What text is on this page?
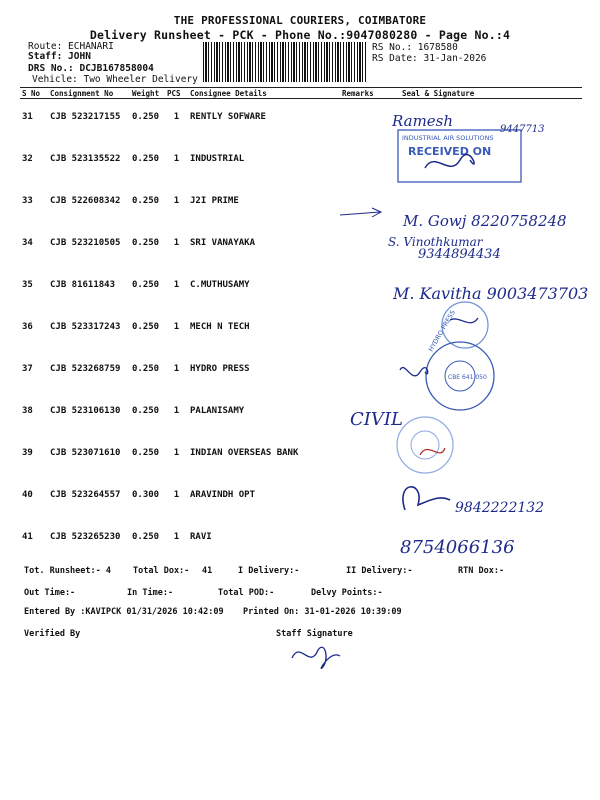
THE PROFESSIONAL COURIERS, COIMBATORE
Delivery Runsheet - PCK - Phone No.:9047080280 - Page No.:4
Route: ECHANARI
Staff: JOHN
DRS No.: DCJB167858004
Vehicle: Two Wheeler Delivery
RS No.: 1678580
RS Date: 31-Jan-2026
S No	Consignment No	Weight	PCS	Consignee Details	Remarks	Seal & Signature
31	CJB 523217155	0.250	1	RENTLY SOFWARE		
32	CJB 523135522	0.250	1	INDUSTRIAL		
33	CJB 522608342	0.250	1	J2I PRIME		
34	CJB 523210505	0.250	1	SRI VANAYAKA		
35	CJB 81611843	0.250	1	C.MUTHUSAMY		
36	CJB 523317243	0.250	1	MECH N TECH		
37	CJB 523268759	0.250	1	HYDRO PRESS		
38	CJB 523106130	0.250	1	PALANISAMY		
39	CJB 523071610	0.250	1	INDIAN OVERSEAS BANK		
40	CJB 523264557	0.300	1	ARAVINDH OPT		
41	CJB 523265230	0.250	1	RAVI		
Tot. Runsheet:- 4	Total Dox:- 41	I Delivery:-	II Delivery:-	RTN Dox:-
Out Time:-	In Time:-	Total POD:-	Delvy Points:-
Entered By :KAVIPCK 01/31/2026 10:42:09 Printed On: 31-01-2026 10:39:09
Verified By	Staff Signature
Ramesh
INDUSTRIAL AIR SOLUTIONS
RECEIVED ON
9447713
M. Gowj 8220758248
S. Vinothkumar
9344894434
M. Kavitha 9003473703
HYDRO PRESS
CBE 641 050
CIVIL
9842222132
8754066136
